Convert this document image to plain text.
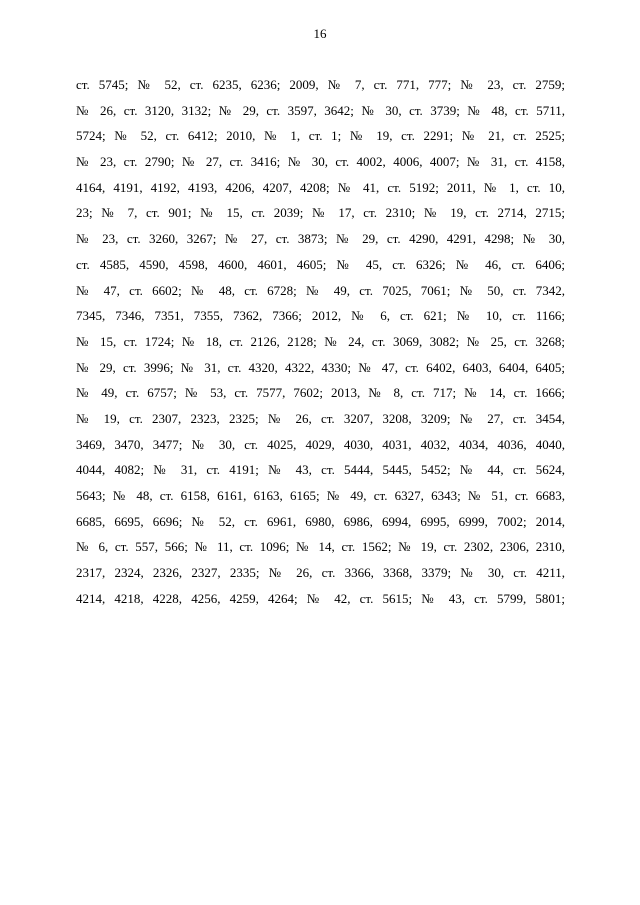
16
ст. 5745; № 52, ст. 6235, 6236; 2009, № 7, ст. 771, 777; № 23, ст. 2759;
№ 26, ст. 3120, 3132; № 29, ст. 3597, 3642; № 30, ст. 3739; № 48, ст. 5711,
5724; № 52, ст. 6412; 2010, № 1, ст. 1; № 19, ст. 2291; № 21, ст. 2525;
№ 23, ст. 2790; № 27, ст. 3416; № 30, ст. 4002, 4006, 4007; № 31, ст. 4158,
4164, 4191, 4192, 4193, 4206, 4207, 4208; № 41, ст. 5192; 2011, № 1, ст. 10,
23; № 7, ст. 901; № 15, ст. 2039; № 17, ст. 2310; № 19, ст. 2714, 2715;
№ 23, ст. 3260, 3267; № 27, ст. 3873; № 29, ст. 4290, 4291, 4298; № 30,
ст. 4585, 4590, 4598, 4600, 4601, 4605; № 45, ст. 6326; № 46, ст. 6406;
№ 47, ст. 6602; № 48, ст. 6728; № 49, ст. 7025, 7061; № 50, ст. 7342,
7345, 7346, 7351, 7355, 7362, 7366; 2012, № 6, ст. 621; № 10, ст. 1166;
№ 15, ст. 1724; № 18, ст. 2126, 2128; № 24, ст. 3069, 3082; № 25, ст. 3268;
№ 29, ст. 3996; № 31, ст. 4320, 4322, 4330; № 47, ст. 6402, 6403, 6404, 6405;
№ 49, ст. 6757; № 53, ст. 7577, 7602; 2013, № 8, ст. 717; № 14, ст. 1666;
№ 19, ст. 2307, 2323, 2325; № 26, ст. 3207, 3208, 3209; № 27, ст. 3454,
3469, 3470, 3477; № 30, ст. 4025, 4029, 4030, 4031, 4032, 4034, 4036, 4040,
4044, 4082; № 31, ст. 4191; № 43, ст. 5444, 5445, 5452; № 44, ст. 5624,
5643; № 48, ст. 6158, 6161, 6163, 6165; № 49, ст. 6327, 6343; № 51, ст. 6683,
6685, 6695, 6696; № 52, ст. 6961, 6980, 6986, 6994, 6995, 6999, 7002; 2014,
№ 6, ст. 557, 566; № 11, ст. 1096; № 14, ст. 1562; № 19, ст. 2302, 2306, 2310,
2317, 2324, 2326, 2327, 2335; № 26, ст. 3366, 3368, 3379; № 30, ст. 4211,
4214, 4218, 4228, 4256, 4259, 4264; № 42, ст. 5615; № 43, ст. 5799, 5801;
